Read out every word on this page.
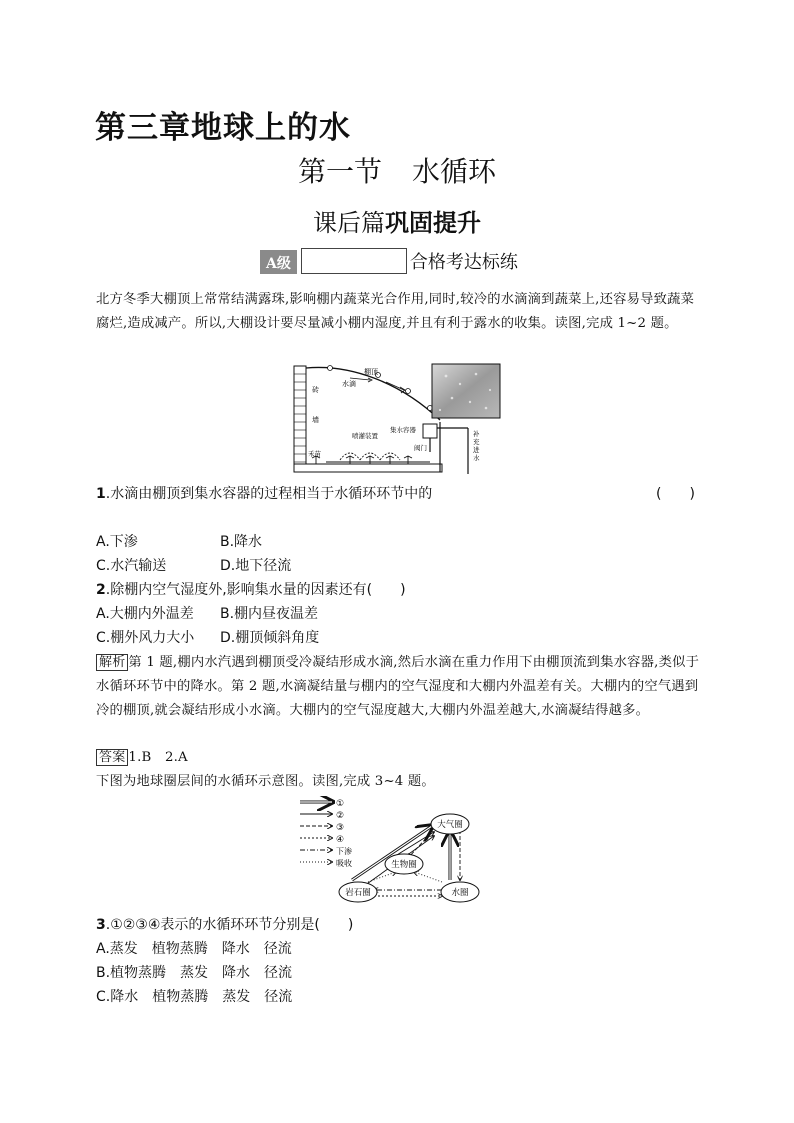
第三章地球上的水
第一节 水循环
课后篇巩固提升
A级	合格考达标练
北方冬季大棚顶上常常结满露珠,影响棚内蔬菜光合作用,同时,较冷的水滴滴到蔬菜上,还容易导致蔬菜腐烂,造成减产。所以,大棚设计要尽量减小棚内湿度,并且有利于露水的收集。读图,完成 1~2 题。
棚顶
水滴
砖
墙
喷灌装置
集水容器
禾苗
阀门
补
充
进
水
1.水滴由棚顶到集水容器的过程相当于水循环环节中的	(　　)
A.下渗	B.降水
C.水汽输送	D.地下径流
2.除棚内空气湿度外,影响集水量的因素还有(　　)
A.大棚内外温差 B.棚内昼夜温差
C.棚外风力大小 D.棚顶倾斜角度
解析 第 1 题,棚内水汽遇到棚顶受冷凝结形成水滴,然后水滴在重力作用下由棚顶流到集水容器,类似于水循环环节中的降水。第 2 题,水滴凝结量与棚内的空气湿度和大棚内外温差有关。大棚内的空气遇到冷的棚顶,就会凝结形成小水滴。大棚内的空气湿度越大,大棚内外温差越大,水滴凝结得越多。
答案 1.B　2.A
下图为地球圈层间的水循环示意图。读图,完成 3~4 题。
①
②
③
④
下渗
吸收
大气圈
生物圈
岩石圈	水圈
3.①②③④表示的水循环环节分别是(　　)
A.蒸发　植物蒸腾　降水　径流
B.植物蒸腾　蒸发　降水　径流
C.降水　植物蒸腾　蒸发　径流
